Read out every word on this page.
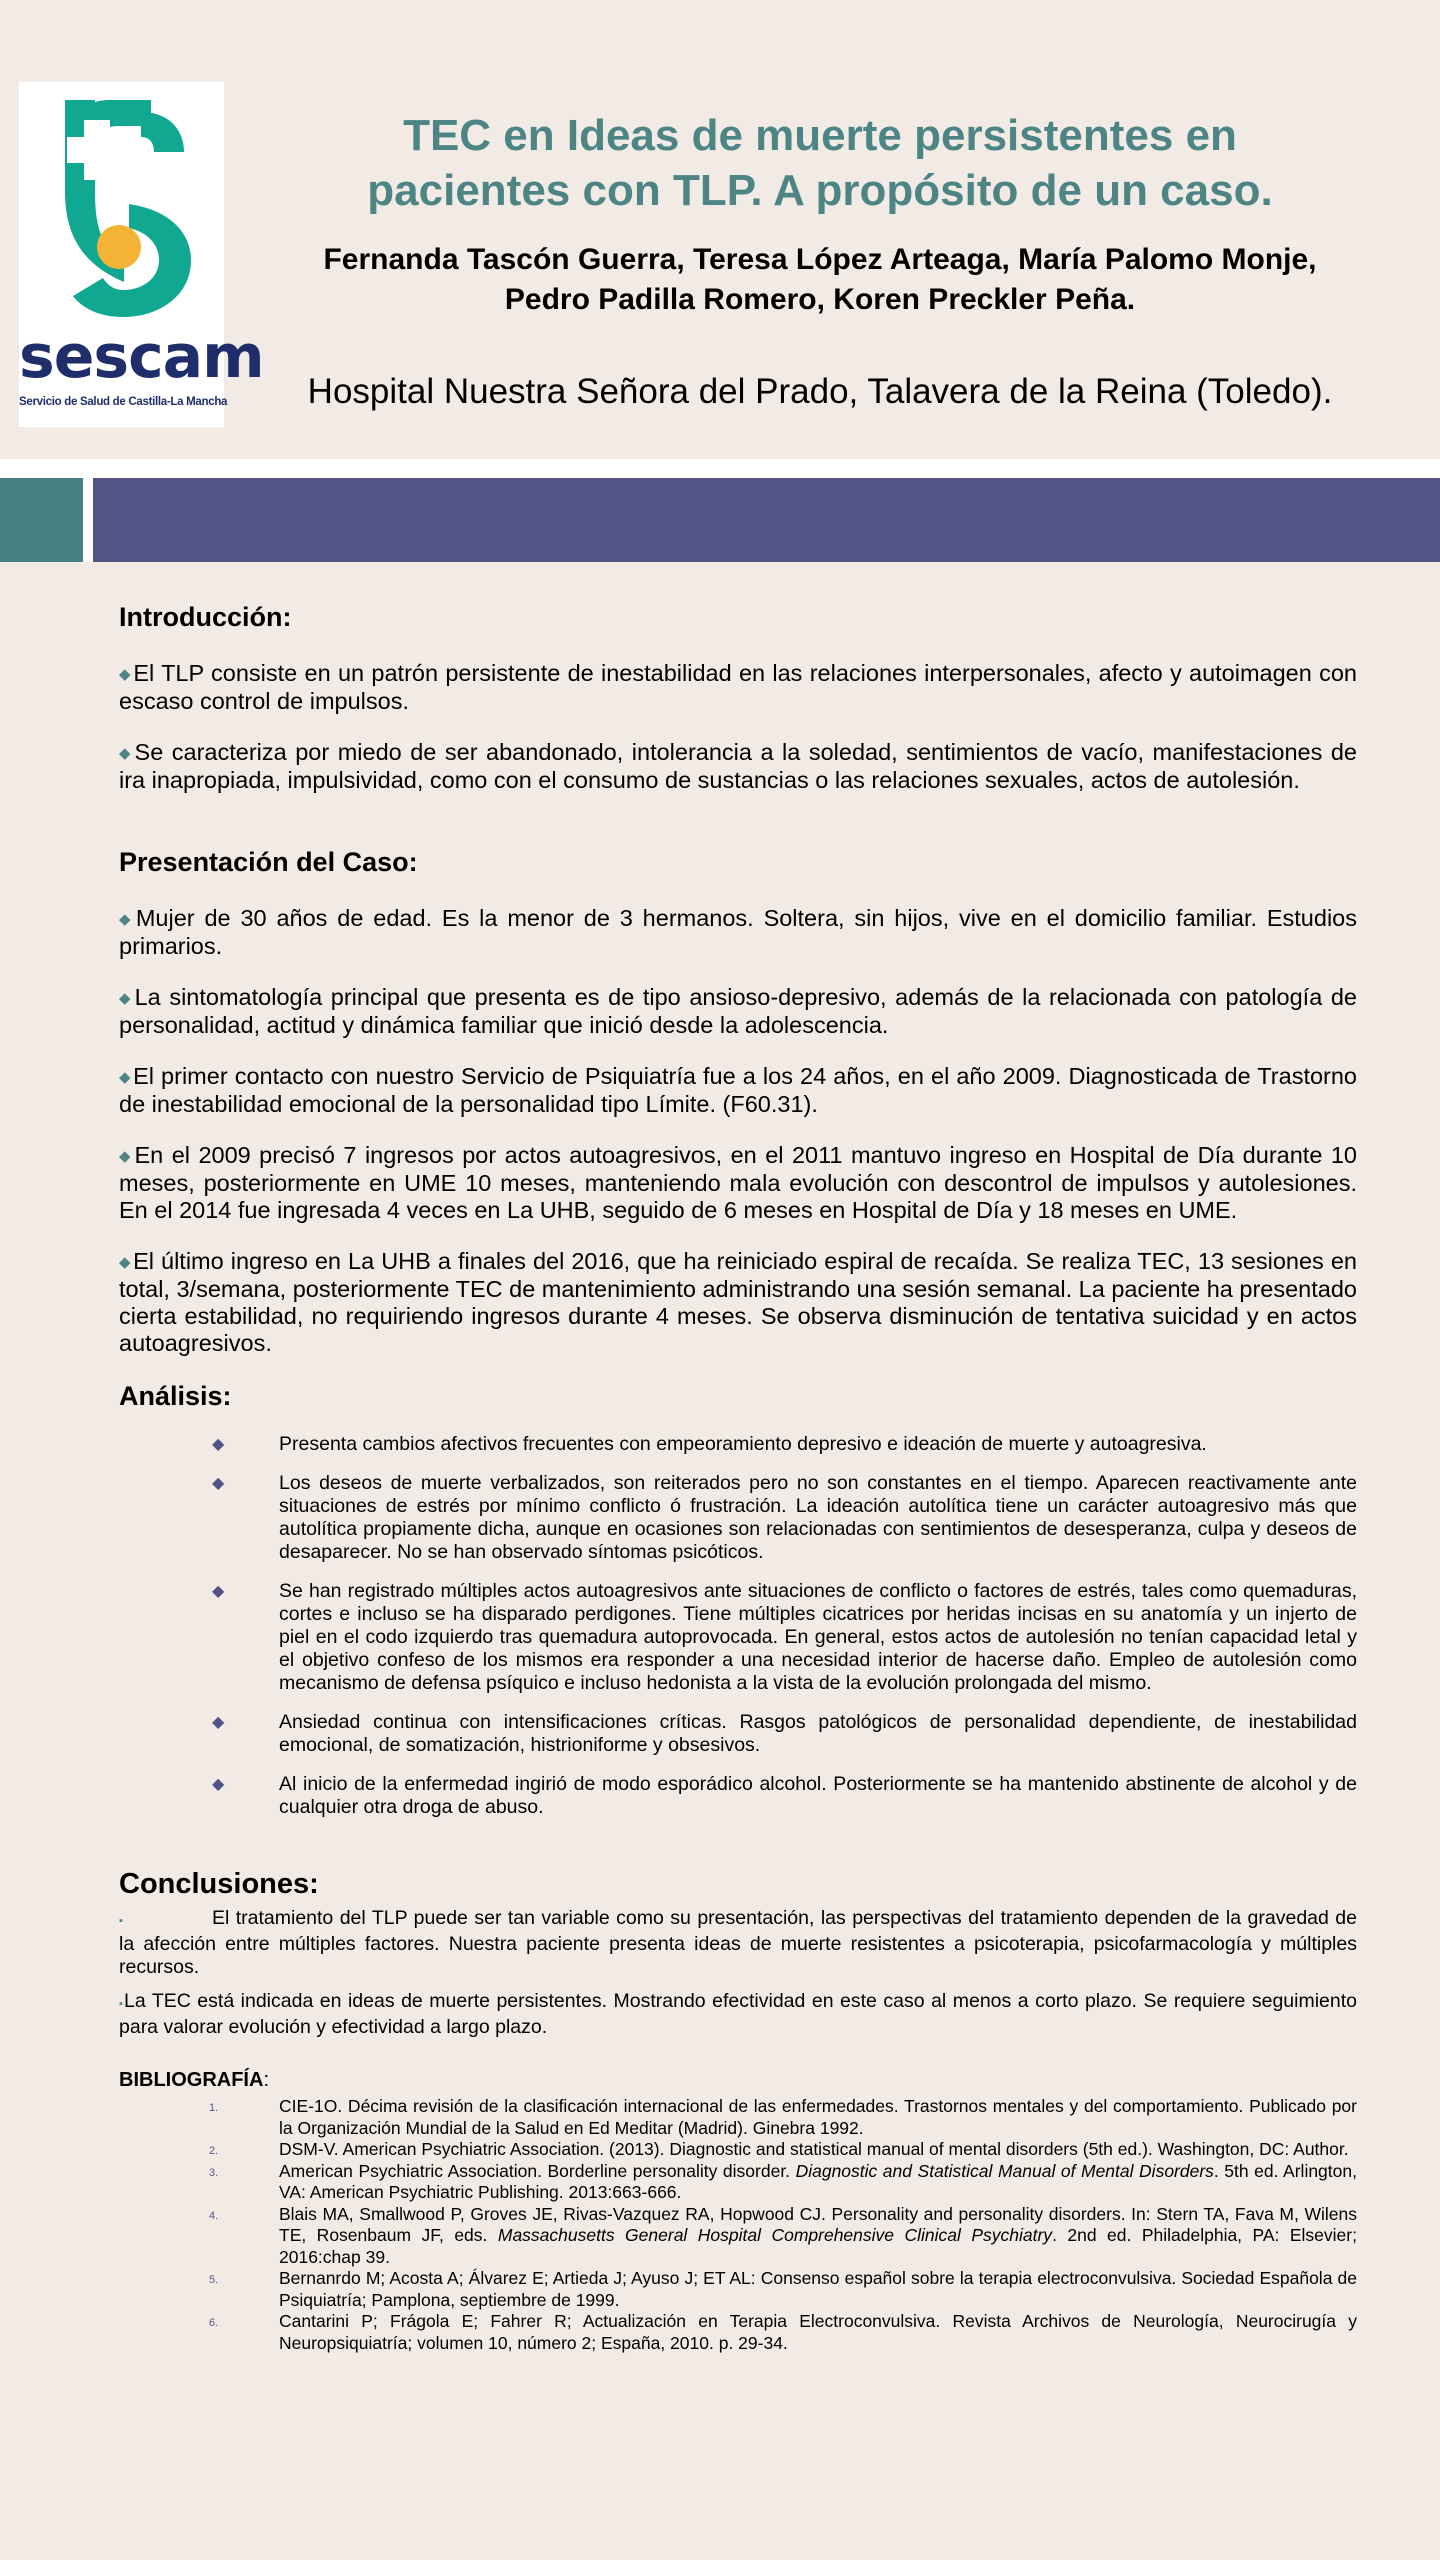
sescam
Servicio de Salud de Castilla-La Mancha
TEC en Ideas de muerte persistentes en
pacientes con TLP. A propósito de un caso.
Fernanda Tascón Guerra, Teresa López Arteaga, María Palomo Monje,
Pedro Padilla Romero, Koren Preckler Peña.
Hospital Nuestra Señora del Prado, Talavera de la Reina (Toledo).
Introducción:

◆El TLP consiste en un patrón persistente de inestabilidad en las relaciones interpersonales, afecto y autoimagen con escaso control de impulsos.

◆Se caracteriza por miedo de ser abandonado, intolerancia a la soledad, sentimientos de vacío, manifestaciones de ira inapropiada, impulsividad, como con el consumo de sustancias o las relaciones sexuales, actos de autolesión.

Presentación del Caso:

◆Mujer de 30 años de edad. Es la menor de 3 hermanos. Soltera, sin hijos, vive en el domicilio familiar. Estudios primarios.

◆La sintomatología principal que presenta es de tipo ansioso-depresivo, además de la relacionada con patología de personalidad, actitud y dinámica familiar que inició desde la adolescencia.

◆El primer contacto con nuestro Servicio de Psiquiatría fue a los 24 años, en el año 2009. Diagnosticada de Trastorno de inestabilidad emocional de la personalidad tipo Límite. (F60.31).

◆En el 2009 precisó 7 ingresos por actos autoagresivos, en el 2011 mantuvo ingreso en Hospital de Día durante 10 meses, posteriormente en UME 10 meses, manteniendo mala evolución con descontrol de impulsos y autolesiones. En el 2014 fue ingresada 4 veces en La UHB, seguido de 6 meses en Hospital de Día y 18 meses en UME.

◆El último ingreso en La UHB a finales del 2016, que ha reiniciado espiral de recaída. Se realiza TEC, 13 sesiones en total, 3/semana, posteriormente TEC de mantenimiento administrando una sesión semanal. La paciente ha presentado cierta estabilidad, no requiriendo ingresos durante 4 meses. Se observa disminución de tentativa suicidad y en actos autoagresivos.

Análisis:
◆	Presenta cambios afectivos frecuentes con empeoramiento depresivo e ideación de muerte y autoagresiva.
◆	Los deseos de muerte verbalizados, son reiterados pero no son constantes en el tiempo. Aparecen reactivamente ante situaciones de estrés por mínimo conflicto ó frustración. La ideación autolítica tiene un carácter autoagresivo más que autolítica propiamente dicha, aunque en ocasiones son relacionadas con sentimientos de desesperanza, culpa y deseos de desaparecer. No se han observado síntomas psicóticos.
◆	Se han registrado múltiples actos autoagresivos ante situaciones de conflicto o factores de estrés, tales como quemaduras, cortes e incluso se ha disparado perdigones. Tiene múltiples cicatrices por heridas incisas en su anatomía y un injerto de piel en el codo izquierdo tras quemadura autoprovocada. En general, estos actos de autolesión no tenían capacidad letal y el objetivo confeso de los mismos era responder a una necesidad interior de hacerse daño. Empleo de autolesión como mecanismo de defensa psíquico e incluso hedonista a la vista de la evolución prolongada del mismo.
◆	Ansiedad continua con intensificaciones críticas. Rasgos patológicos de personalidad dependiente, de inestabilidad emocional, de somatización, histrioniforme y obsesivos.
◆	Al inicio de la enfermedad ingirió de modo esporádico alcohol. Posteriormente se ha mantenido abstinente de alcohol y de cualquier otra droga de abuso.
Conclusiones:

▪	El tratamiento del TLP puede ser tan variable como su presentación, las perspectivas del tratamiento dependen de la gravedad de la afección entre múltiples factores. Nuestra paciente presenta ideas de muerte resistentes a psicoterapia, psicofarmacología y múltiples recursos.

▪La TEC está indicada en ideas de muerte persistentes. Mostrando efectividad en este caso al menos a corto plazo. Se requiere seguimiento para valorar evolución y efectividad a largo plazo.

BIBLIOGRAFÍA:
1.	CIE-1O. Décima revisión de la clasificación internacional de las enfermedades. Trastornos mentales y del comportamiento. Publicado por la Organización Mundial de la Salud en Ed Meditar (Madrid). Ginebra 1992.
2.	DSM-V. American Psychiatric Association. (2013). Diagnostic and statistical manual of mental disorders (5th ed.). Washington, DC: Author.
3.	American Psychiatric Association. Borderline personality disorder. Diagnostic and Statistical Manual of Mental Disorders. 5th ed. Arlington, VA: American Psychiatric Publishing. 2013:663-666.
4.	Blais MA, Smallwood P, Groves JE, Rivas-Vazquez RA, Hopwood CJ. Personality and personality disorders. In: Stern TA, Fava M, Wilens TE, Rosenbaum JF, eds. Massachusetts General Hospital Comprehensive Clinical Psychiatry. 2nd ed. Philadelphia, PA: Elsevier; 2016:chap 39.
5.	Bernanrdo M; Acosta A; Álvarez E; Artieda J; Ayuso J; ET AL: Consenso español sobre la terapia electroconvulsiva. Sociedad Española de Psiquiatría; Pamplona, septiembre de 1999.
6.	Cantarini P; Frágola E; Fahrer R; Actualización en Terapia Electroconvulsiva. Revista Archivos de Neurología, Neurocirugía y Neuropsiquiatría; volumen 10, número 2; España, 2010. p. 29-34.
